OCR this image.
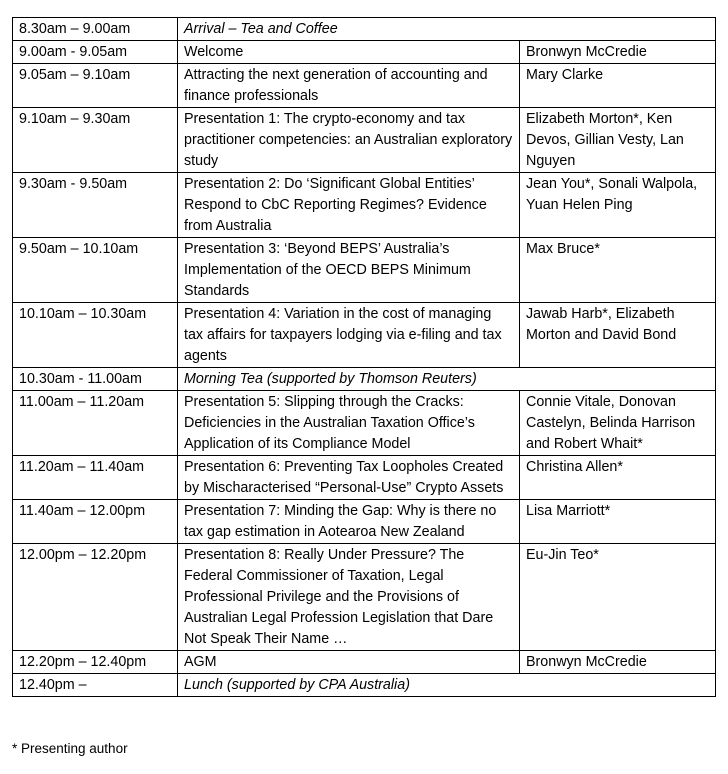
8.30am – 9.00am	Arrival – Tea and Coffee	
9.00am - 9.05am	Welcome	Bronwyn McCredie
9.05am – 9.10am	Attracting the next generation of accounting and finance professionals	Mary Clarke
9.10am – 9.30am	Presentation 1: The crypto-economy and tax practitioner competencies: an Australian exploratory study	Elizabeth Morton*, Ken Devos, Gillian Vesty, Lan Nguyen
9.30am - 9.50am	Presentation 2: Do ‘Significant Global Entities’ Respond to CbC Reporting Regimes? Evidence from Australia	Jean You*, Sonali Walpola, Yuan Helen Ping
9.50am – 10.10am	Presentation 3: ‘Beyond BEPS’ Australia’s Implementation of the OECD BEPS Minimum Standards	Max Bruce*
10.10am – 10.30am	Presentation 4: Variation in the cost of managing tax affairs for taxpayers lodging via e-filing and tax agents	Jawab Harb*, Elizabeth Morton and David Bond
10.30am - 11.00am	Morning Tea (supported by Thomson Reuters)	
11.00am – 11.20am	Presentation 5: Slipping through the Cracks: Deficiencies in the Australian Taxation Office’s Application of its Compliance Model	Connie Vitale, Donovan Castelyn, Belinda Harrison and Robert Whait*
11.20am – 11.40am	Presentation 6: Preventing Tax Loopholes Created by Mischaracterised “Personal-Use” Crypto Assets	Christina Allen*
11.40am – 12.00pm	Presentation 7: Minding the Gap: Why is there no tax gap estimation in Aotearoa New Zealand	Lisa Marriott*
12.00pm – 12.20pm	Presentation 8: Really Under Pressure? The Federal Commissioner of Taxation, Legal Professional Privilege and the Provisions of Australian Legal Profession Legislation that Dare Not Speak Their Name …	Eu-Jin Teo*
12.20pm – 12.40pm	AGM	Bronwyn McCredie
12.40pm –	Lunch (supported by CPA Australia)	
* Presenting author
